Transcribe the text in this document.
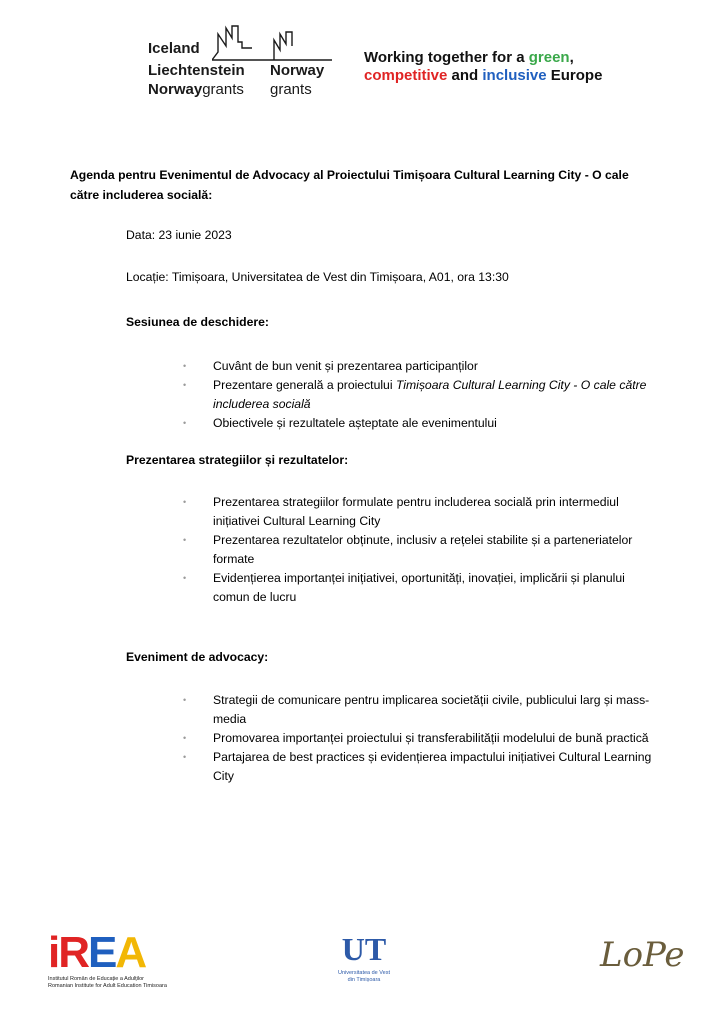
Iceland
Liechtenstein
Norwaygrants
Norway
grants
Working together for a green,
competitive and inclusive Europe
Agenda pentru Evenimentul de Advocacy al Proiectului Timișoara Cultural Learning City - O cale către includerea socială:
Data: 23 iunie 2023
Locație: Timișoara, Universitatea de Vest din Timișoara, A01, ora 13:30
Sesiunea de deschidere:
• Cuvânt de bun venit și prezentarea participanților
• Prezentare generală a proiectului Timișoara Cultural Learning City - O cale către includerea socială
• Obiectivele și rezultatele așteptate ale evenimentului
Prezentarea strategiilor și rezultatelor:
• Prezentarea strategiilor formulate pentru includerea socială prin intermediul inițiativei Cultural Learning City
• Prezentarea rezultatelor obținute, inclusiv a rețelei stabilite și a parteneriatelor formate
• Evidențierea importanței inițiativei, oportunități, inovației, implicării și planului comun de lucru
Eveniment de advocacy:
• Strategii de comunicare pentru implicarea societății civile, publicului larg și mass-media
• Promovarea importanței proiectului și transferabilității modelului de bună practică
• Partajarea de best practices și evidențierea impactului inițiativei Cultural Learning City
iREA
Institutul Român de Educație a Adulților
Romanian Institute for Adult Education Timisoara
UT
Universitatea de Vest
din Timișoara
LoPe
